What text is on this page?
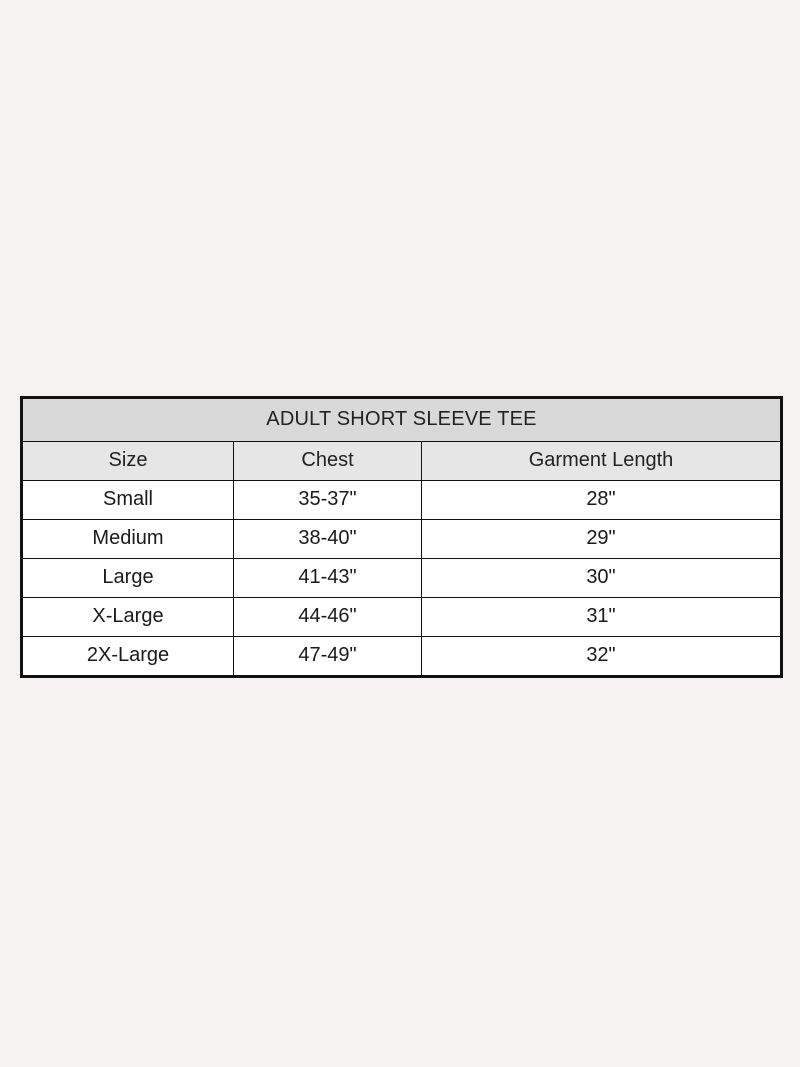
ADULT SHORT SLEEVE TEE		
Size	Chest	Garment Length
Small	35-37"	28"
Medium	38-40"	29"
Large	41-43"	30"
X-Large	44-46"	31"
2X-Large	47-49"	32"
